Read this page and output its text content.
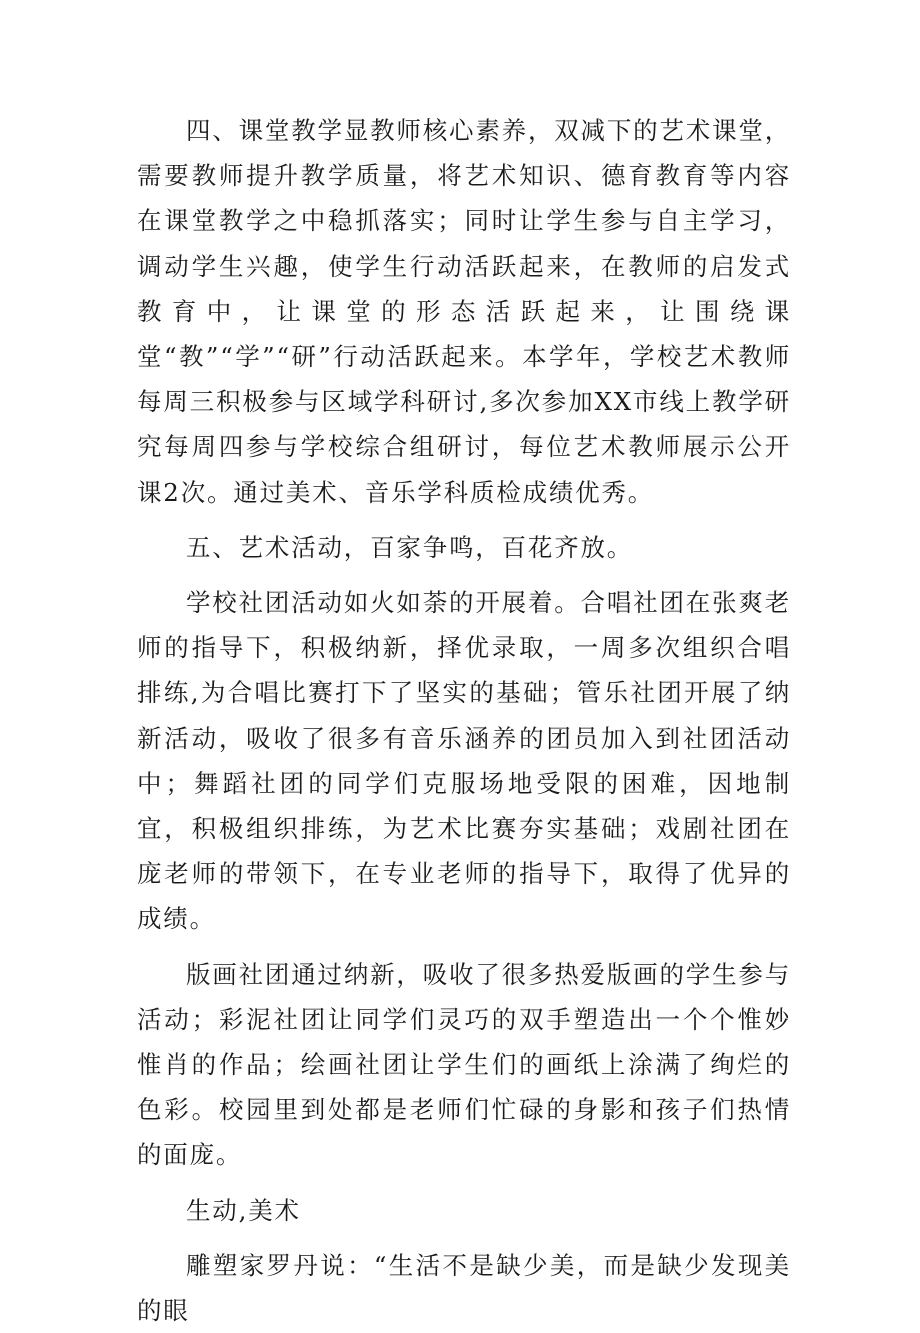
四、课堂教学显教师核心素养，双减下的艺术课堂，需要教师提升教学质量，将艺术知识、德育教育等内容在课堂教学之中稳抓落实；同时让学生参与自主学习，调动学生兴趣，使学生行动活跃起来，在教师的启发式教育中，让课堂的形态活跃起来，让围绕课堂“教”“学”“研”行动活跃起来。本学年，学校艺术教师每周三积极参与区域学科研讨,多次参加XX市线上教学研究每周四参与学校综合组研讨，每位艺术教师展示公开课2次。通过美术、音乐学科质检成绩优秀。

五、艺术活动，百家争鸣，百花齐放。

学校社团活动如火如荼的开展着。合唱社团在张爽老师的指导下，积极纳新，择优录取，一周多次组织合唱排练,为合唱比赛打下了坚实的基础；管乐社团开展了纳新活动，吸收了很多有音乐涵养的团员加入到社团活动中；舞蹈社团的同学们克服场地受限的困难，因地制宜，积极组织排练，为艺术比赛夯实基础；戏剧社团在庞老师的带领下，在专业老师的指导下，取得了优异的成绩。

版画社团通过纳新，吸收了很多热爱版画的学生参与活动；彩泥社团让同学们灵巧的双手塑造出一个个惟妙惟肖的作品；绘画社团让学生们的画纸上涂满了绚烂的色彩。校园里到处都是老师们忙碌的身影和孩子们热情的面庞。

生动,美术

雕塑家罗丹说：“生活不是缺少美，而是缺少发现美的眼
